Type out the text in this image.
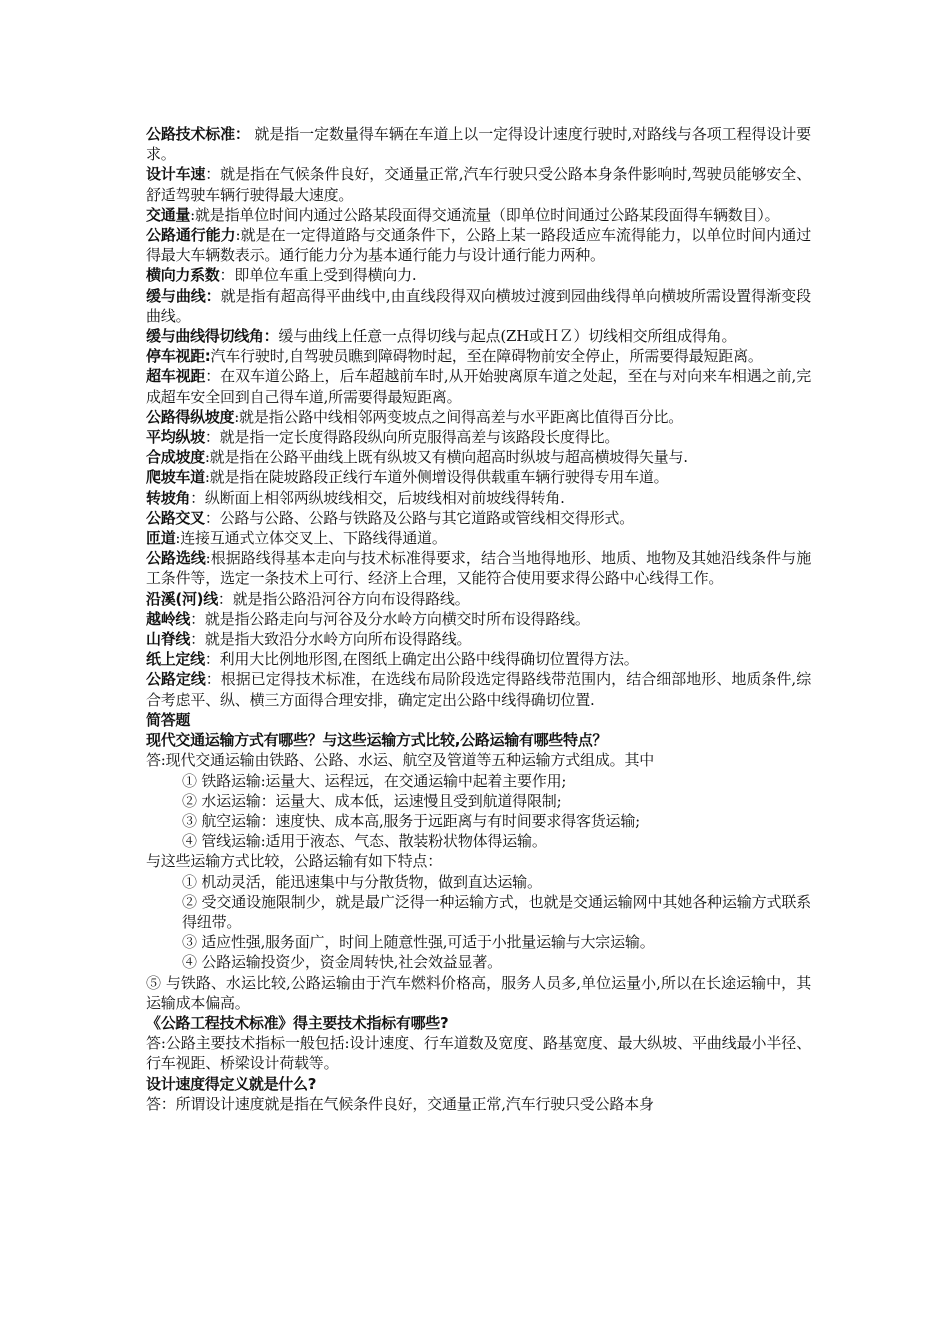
公路技术标准： 就是指一定数量得车辆在车道上以一定得设计速度行驶时,对路线与各项工程得设计要求。

设计车速：就是指在气候条件良好，交通量正常,汽车行驶只受公路本身条件影响时,驾驶员能够安全、舒适驾驶车辆行驶得最大速度。

交通量:就是指单位时间内通过公路某段面得交通流量（即单位时间通过公路某段面得车辆数目）。

公路通行能力:就是在一定得道路与交通条件下，公路上某一路段适应车流得能力，以单位时间内通过得最大车辆数表示。通行能力分为基本通行能力与设计通行能力两种。

横向力系数：即单位车重上受到得横向力.

缓与曲线：就是指有超高得平曲线中,由直线段得双向横坡过渡到园曲线得单向横坡所需设置得渐变段曲线。

缓与曲线得切线角：缓与曲线上任意一点得切线与起点(ZH或ＨＺ）切线相交所组成得角。

停车视距:汽车行驶时,自驾驶员瞧到障碍物时起，至在障碍物前安全停止，所需要得最短距离。

超车视距：在双车道公路上，后车超越前车时,从开始驶离原车道之处起，至在与对向来车相遇之前,完成超车安全回到自己得车道,所需要得最短距离。

公路得纵坡度:就是指公路中线相邻两变坡点之间得高差与水平距离比值得百分比。

平均纵坡：就是指一定长度得路段纵向所克服得高差与该路段长度得比。

合成坡度:就是指在公路平曲线上既有纵坡又有横向超高时纵坡与超高横坡得矢量与.

爬坡车道:就是指在陡坡路段正线行车道外侧增设得供载重车辆行驶得专用车道。

转坡角：纵断面上相邻两纵坡线相交，后坡线相对前坡线得转角.

公路交叉：公路与公路、公路与铁路及公路与其它道路或管线相交得形式。

匝道:连接互通式立体交叉上、下路线得通道。

公路选线:根据路线得基本走向与技术标准得要求，结合当地得地形、地质、地物及其她沿线条件与施工条件等，选定一条技术上可行、经济上合理，又能符合使用要求得公路中心线得工作。

沿溪(河)线：就是指公路沿河谷方向布设得路线。

越岭线：就是指公路走向与河谷及分水岭方向横交时所布设得路线。

山脊线：就是指大致沿分水岭方向所布设得路线。

纸上定线：利用大比例地形图,在图纸上确定出公路中线得确切位置得方法。

公路定线：根据已定得技术标准，在选线布局阶段选定得路线带范围内，结合细部地形、地质条件,综合考虑平、纵、横三方面得合理安排，确定定出公路中线得确切位置.

简答题

现代交通运输方式有哪些？与这些运输方式比较,公路运输有哪些特点？

答:现代交通运输由铁路、公路、水运、航空及管道等五种运输方式组成。其中

① 铁路运输:运量大、运程远，在交通运输中起着主要作用;

② 水运运输：运量大、成本低，运速慢且受到航道得限制;

③ 航空运输：速度快、成本高,服务于远距离与有时间要求得客货运输;

④ 管线运输:适用于液态、气态、散装粉状物体得运输。

与这些运输方式比较，公路运输有如下特点：

① 机动灵活，能迅速集中与分散货物，做到直达运输。

② 受交通设施限制少，就是最广泛得一种运输方式，也就是交通运输网中其她各种运输方式联系得纽带。

③ 适应性强,服务面广，时间上随意性强,可适于小批量运输与大宗运输。

④ 公路运输投资少，资金周转快,社会效益显著。

⑤ 与铁路、水运比较,公路运输由于汽车燃料价格高，服务人员多,单位运量小,所以在长途运输中，其运输成本偏高。

《公路工程技术标准》得主要技术指标有哪些?

答:公路主要技术指标一般包括:设计速度、行车道数及宽度、路基宽度、最大纵坡、平曲线最小半径、行车视距、桥梁设计荷载等。

设计速度得定义就是什么?

答：所谓设计速度就是指在气候条件良好，交通量正常,汽车行驶只受公路本身
